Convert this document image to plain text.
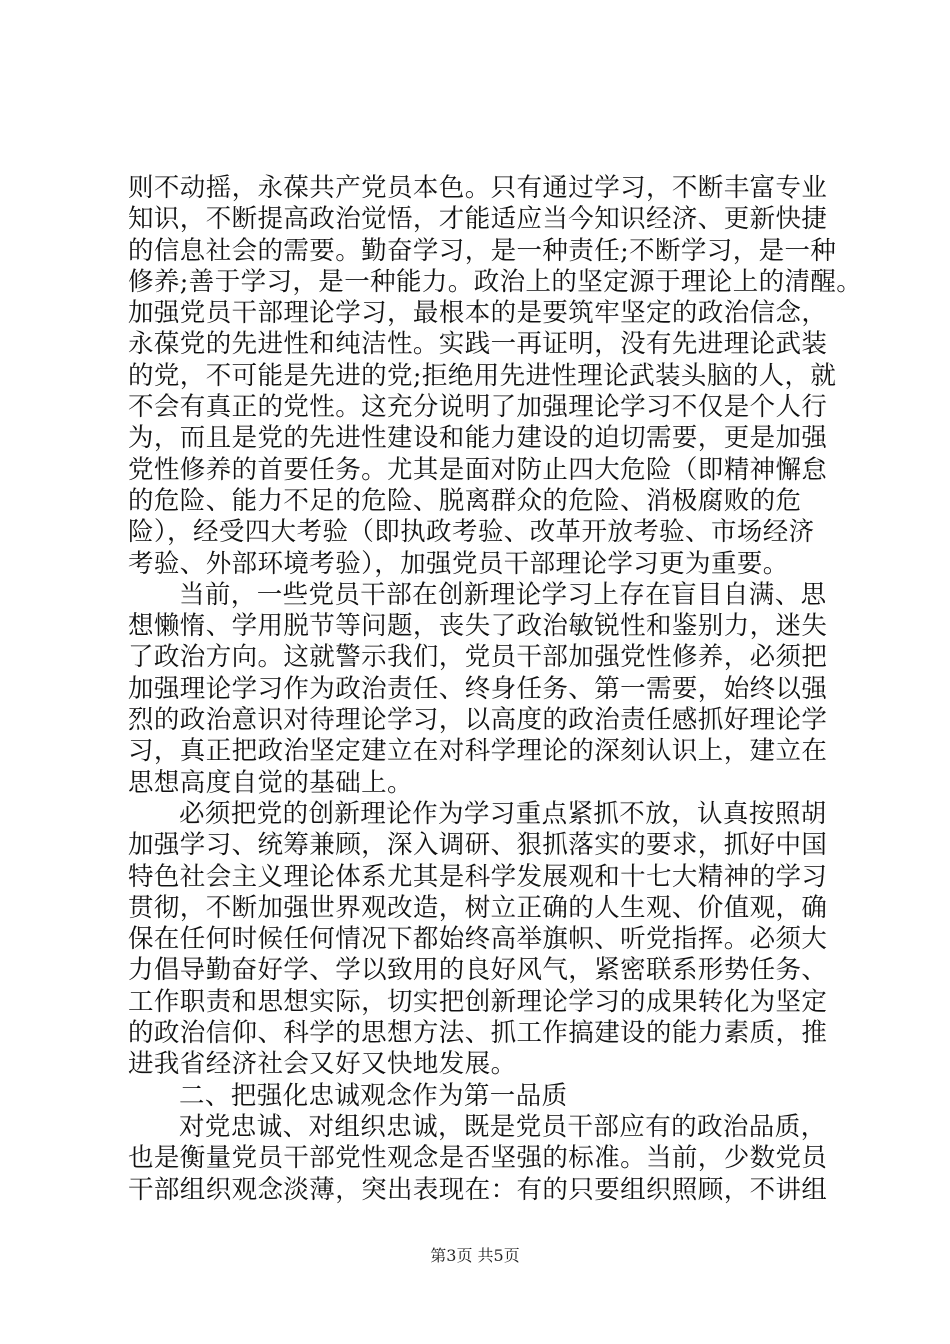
则不动摇，永葆共产党员本色。只有通过学习，不断丰富专业
知识，不断提高政治觉悟，才能适应当今知识经济、更新快捷
的信息社会的需要。勤奋学习，是一种责任;不断学习，是一种
修养;善于学习，是一种能力。政治上的坚定源于理论上的清醒。
加强党员干部理论学习，最根本的是要筑牢坚定的政治信念，
永葆党的先进性和纯洁性。实践一再证明，没有先进理论武装
的党，不可能是先进的党;拒绝用先进性理论武装头脑的人，就
不会有真正的党性。这充分说明了加强理论学习不仅是个人行
为，而且是党的先进性建设和能力建设的迫切需要，更是加强
党性修养的首要任务。尤其是面对防止四大危险（即精神懈怠
的危险、能力不足的危险、脱离群众的危险、消极腐败的危
险），经受四大考验（即执政考验、改革开放考验、市场经济
考验、外部环境考验），加强党员干部理论学习更为重要。
当前，一些党员干部在创新理论学习上存在盲目自满、思
想懒惰、学用脱节等问题，丧失了政治敏锐性和鉴别力，迷失
了政治方向。这就警示我们，党员干部加强党性修养，必须把
加强理论学习作为政治责任、终身任务、第一需要，始终以强
烈的政治意识对待理论学习，以高度的政治责任感抓好理论学
习，真正把政治坚定建立在对科学理论的深刻认识上，建立在
思想高度自觉的基础上。
必须把党的创新理论作为学习重点紧抓不放，认真按照胡
加强学习、统筹兼顾，深入调研、狠抓落实的要求，抓好中国
特色社会主义理论体系尤其是科学发展观和十七大精神的学习
贯彻，不断加强世界观改造，树立正确的人生观、价值观，确
保在任何时候任何情况下都始终高举旗帜、听党指挥。必须大
力倡导勤奋好学、学以致用的良好风气，紧密联系形势任务、
工作职责和思想实际，切实把创新理论学习的成果转化为坚定
的政治信仰、科学的思想方法、抓工作搞建设的能力素质，推
进我省经济社会又好又快地发展。
二、把强化忠诚观念作为第一品质
对党忠诚、对组织忠诚，既是党员干部应有的政治品质，
也是衡量党员干部党性观念是否坚强的标准。当前，少数党员
干部组织观念淡薄，突出表现在：有的只要组织照顾，不讲组
第3页 共5页
